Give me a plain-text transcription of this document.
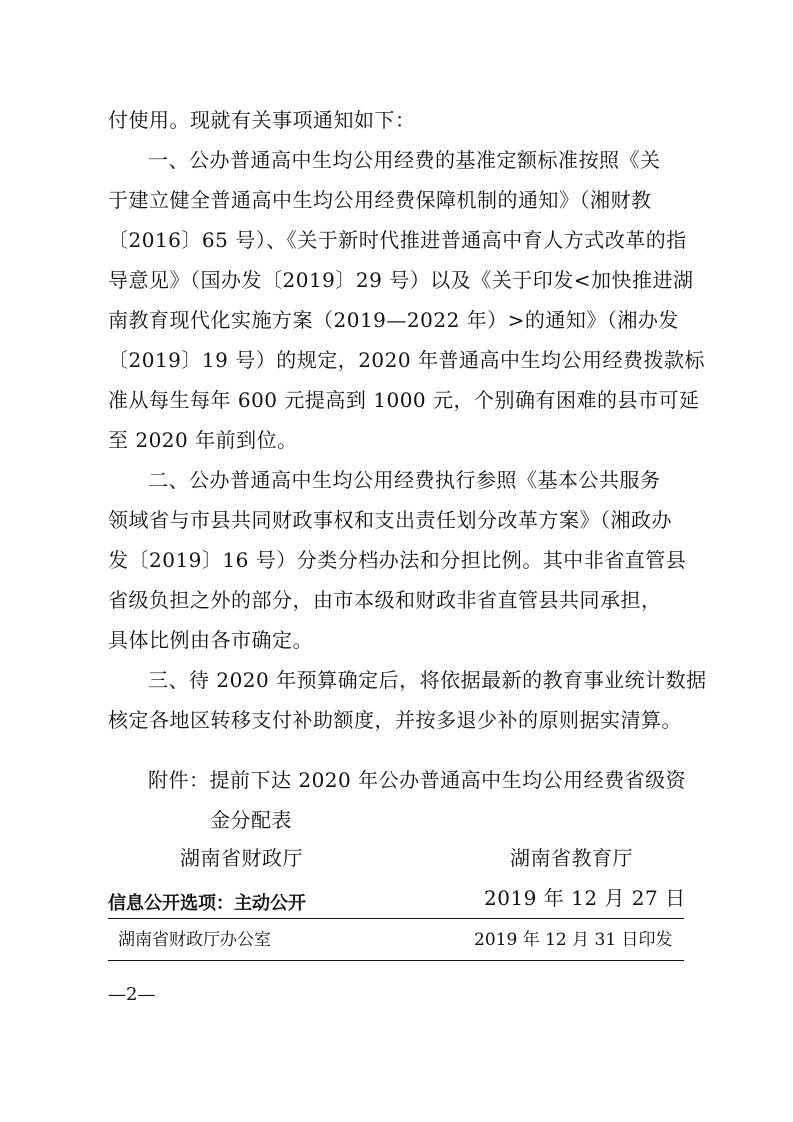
付使用。现就有关事项通知如下：
一、公办普通高中生均公用经费的基准定额标准按照《关
于建立健全普通高中生均公用经费保障机制的通知》（湘财教
〔2016〕65 号）、《关于新时代推进普通高中育人方式改革的指
导意见》（国办发〔2019〕29 号）以及《关于印发<加快推进湖
南教育现代化实施方案（2019—2022 年）>的通知》（湘办发
〔2019〕19 号）的规定，2020 年普通高中生均公用经费拨款标
准从每生每年 600 元提高到 1000 元，个别确有困难的县市可延
至 2020 年前到位。
二、公办普通高中生均公用经费执行参照《基本公共服务
领域省与市县共同财政事权和支出责任划分改革方案》（湘政办
发〔2019〕16 号）分类分档办法和分担比例。其中非省直管县
省级负担之外的部分，由市本级和财政非省直管县共同承担，
具体比例由各市确定。
三、待 2020 年预算确定后，将依据最新的教育事业统计数据
核定各地区转移支付补助额度，并按多退少补的原则据实清算。
附件：提前下达 2020 年公办普通高中生均公用经费省级资
金分配表
湖南省财政厅	湖南省教育厅
2019 年 12 月 27 日
信息公开选项：主动公开
湖南省财政厅办公室	2019 年 12 月 31 日印发
—2—
